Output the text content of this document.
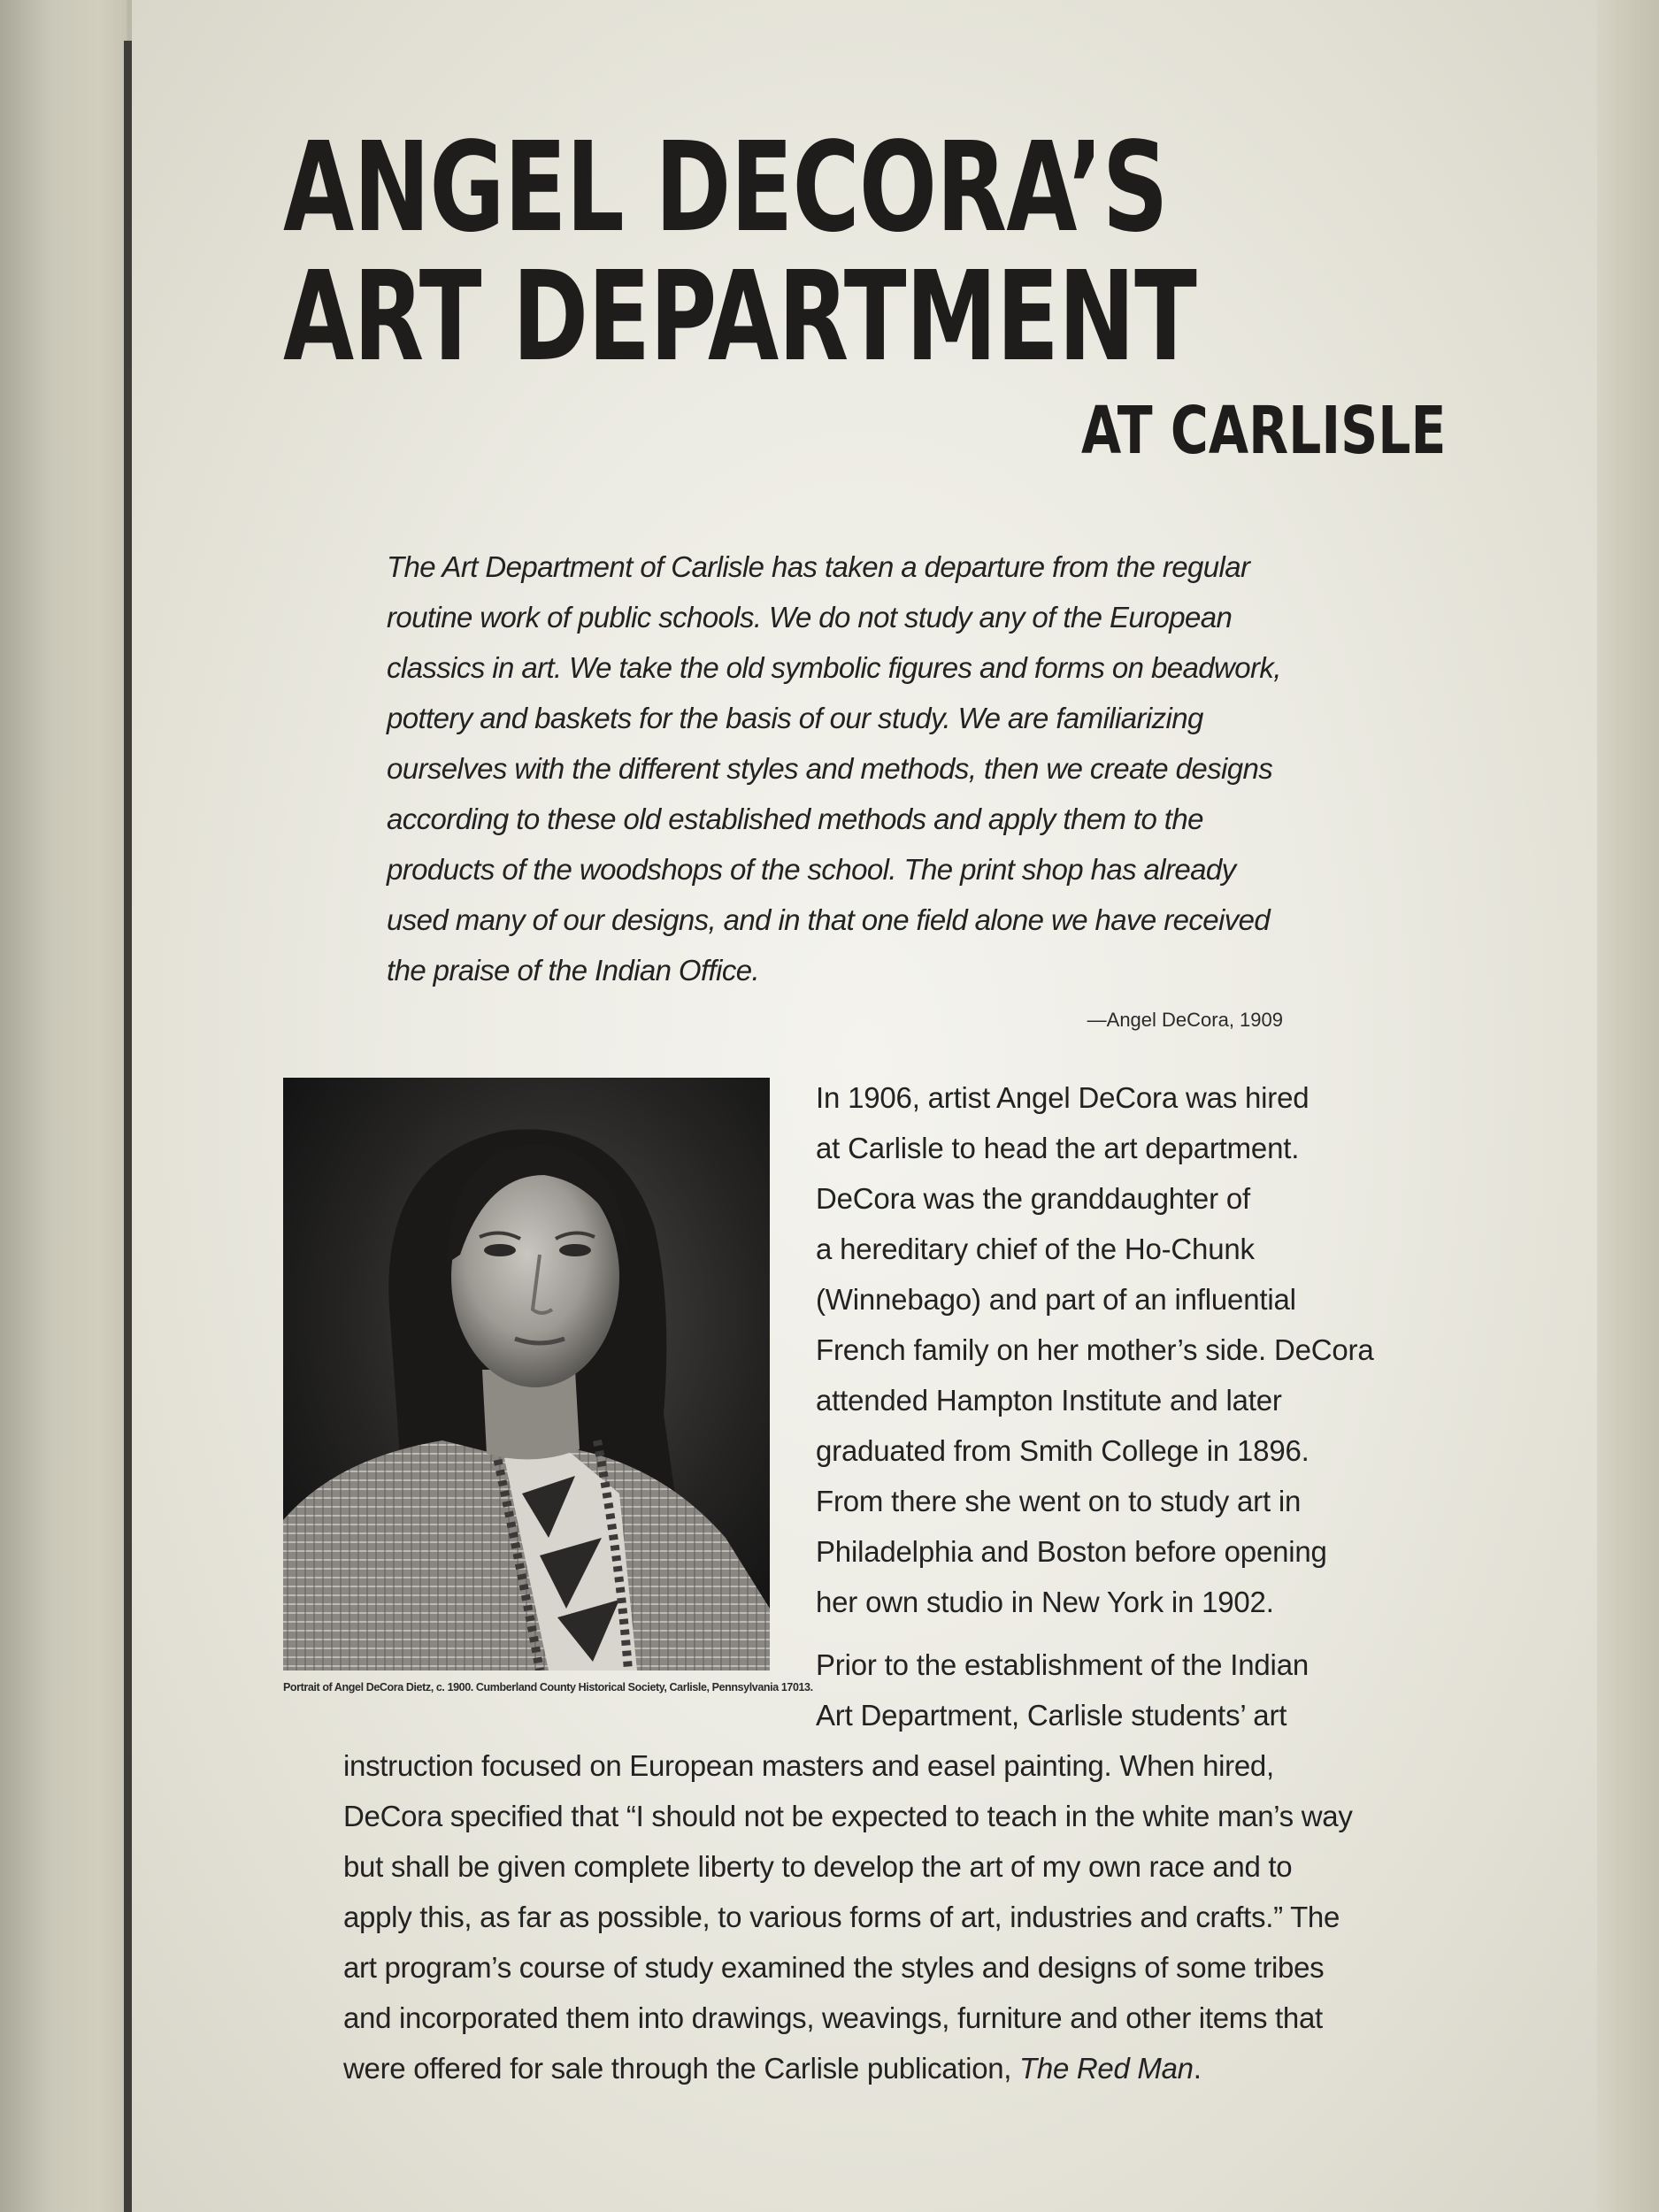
ANGEL DECORA’S
ART DEPARTMENT
AT CARLISLE

The Art Department of Carlisle has taken a departure from the regular
routine work of public schools. We do not study any of the European
classics in art. We take the old symbolic figures and forms on beadwork,
pottery and baskets for the basis of our study. We are familiarizing
ourselves with the different styles and methods, then we create designs
according to these old established methods and apply them to the
products of the woodshops of the school. The print shop has already
used many of our designs, and in that one field alone we have received
the praise of the Indian Office.

—Angel DeCora, 1909

Portrait of Angel DeCora Dietz, c. 1900. Cumberland County Historical Society, Carlisle, Pennsylvania 17013.

In 1906, artist Angel DeCora was hired
at Carlisle to head the art department.
DeCora was the granddaughter of
a hereditary chief of the Ho-Chunk
(Winnebago) and part of an influential
French family on her mother’s side. DeCora
attended Hampton Institute and later
graduated from Smith College in 1896.
From there she went on to study art in
Philadelphia and Boston before opening
her own studio in New York in 1902.

Prior to the establishment of the Indian
Art Department, Carlisle students’ art

instruction focused on European masters and easel painting. When hired,
DeCora specified that “I should not be expected to teach in the white man’s way
but shall be given complete liberty to develop the art of my own race and to
apply this, as far as possible, to various forms of art, industries and crafts.” The
art program’s course of study examined the styles and designs of some tribes
and incorporated them into drawings, weavings, furniture and other items that
were offered for sale through the Carlisle publication, The Red Man.
